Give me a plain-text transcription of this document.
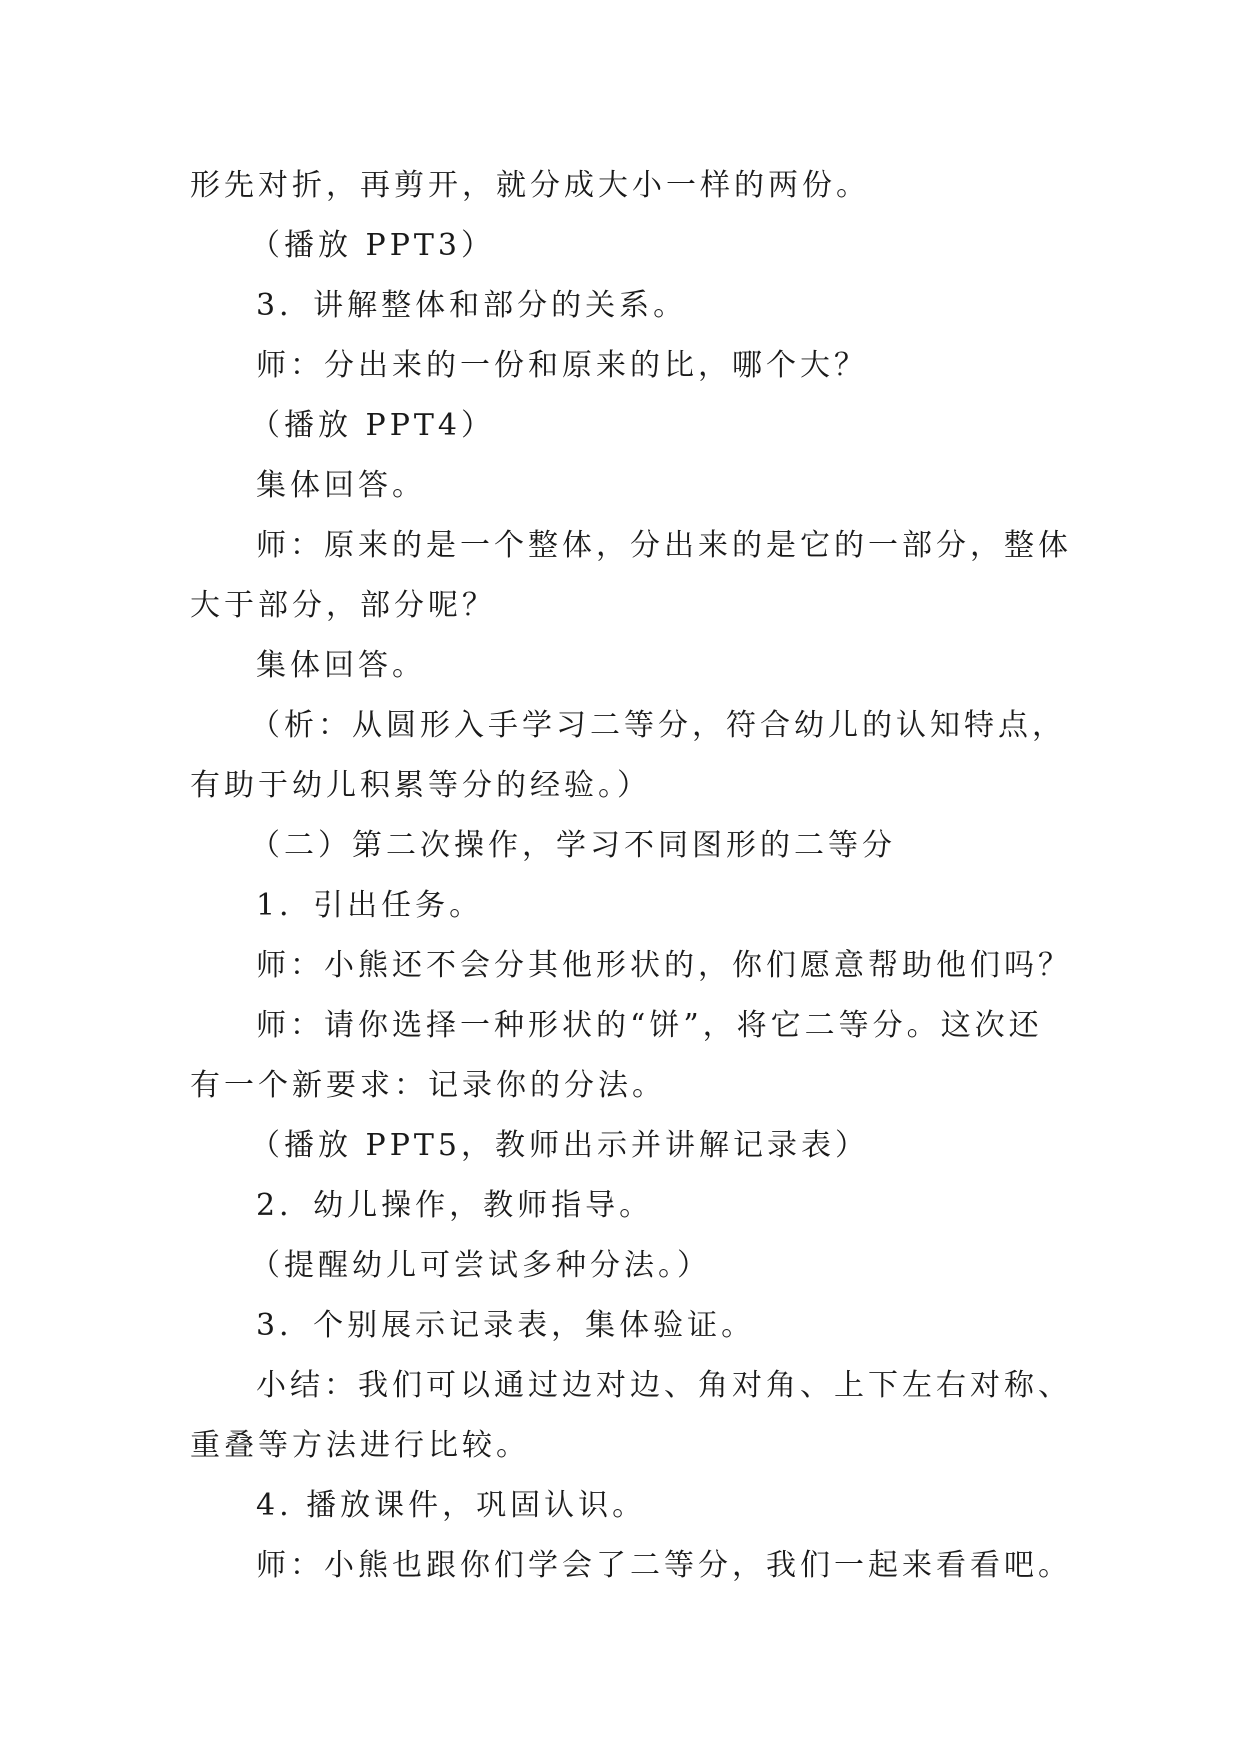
形先对折，再剪开，就分成大小一样的两份。
（播放 PPT3）
3．讲解整体和部分的关系。
师：分出来的一份和原来的比，哪个大？
（播放 PPT4）
集体回答。
师：原来的是一个整体，分出来的是它的一部分，整体
大于部分，部分呢？
集体回答。
（析：从圆形入手学习二等分，符合幼儿的认知特点，
有助于幼儿积累等分的经验。）
（二）第二次操作，学习不同图形的二等分
1．引出任务。
师：小熊还不会分其他形状的，你们愿意帮助他们吗？
师：请你选择一种形状的“饼”，将它二等分。这次还
有一个新要求：记录你的分法。
（播放 PPT5，教师出示并讲解记录表）
2．幼儿操作，教师指导。
（提醒幼儿可尝试多种分法。）
3．个别展示记录表，集体验证。
小结：我们可以通过边对边、角对角、上下左右对称、
重叠等方法进行比较。
4. 播放课件，巩固认识。
师：小熊也跟你们学会了二等分，我们一起来看看吧。
